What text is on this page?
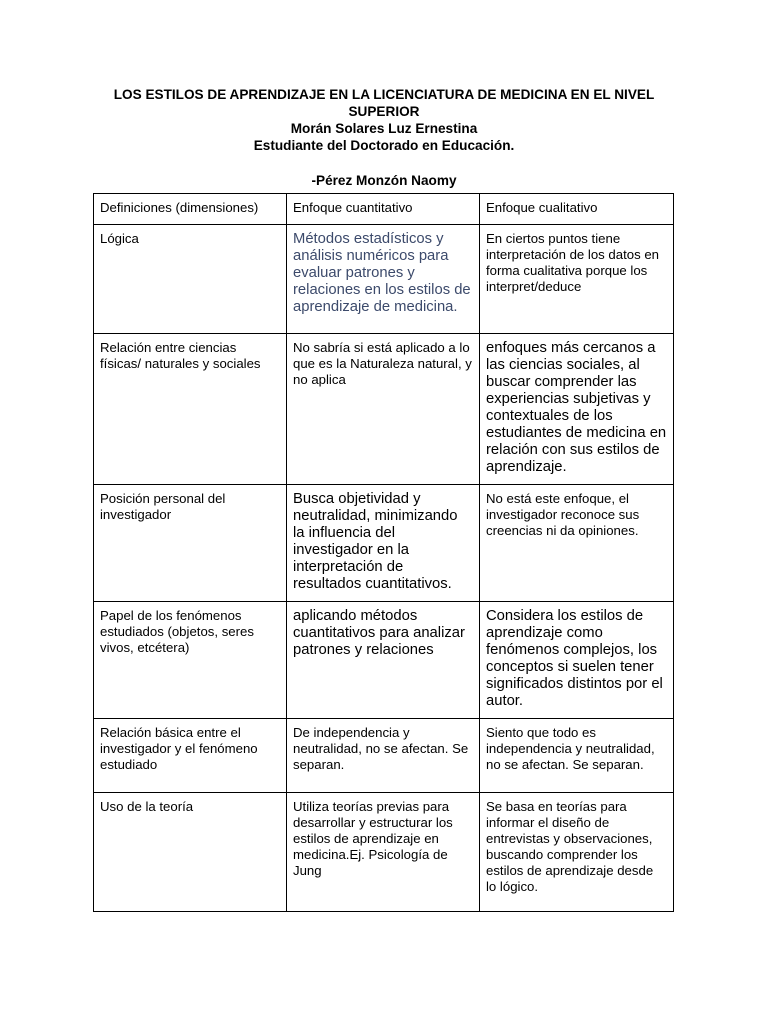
LOS ESTILOS DE APRENDIZAJE EN LA LICENCIATURA DE MEDICINA EN EL NIVEL
SUPERIOR
Morán Solares Luz Ernestina
Estudiante del Doctorado en Educación.
-Pérez Monzón Naomy
Definiciones (dimensiones)	Enfoque cuantitativo	Enfoque cualitativo
Lógica	Métodos estadísticos y análisis numéricos para evaluar patrones y relaciones en los estilos de aprendizaje de medicina.	En ciertos puntos tiene interpretación de los datos en forma cualitativa porque los interpret/deduce
Relación entre ciencias físicas/ naturales y sociales	No sabría si está aplicado a lo que es la Naturaleza natural, y no aplica	enfoques más cercanos a las ciencias sociales, al buscar comprender las experiencias subjetivas y contextuales de los estudiantes de medicina en relación con sus estilos de aprendizaje.
Posición personal del investigador	Busca objetividad y neutralidad, minimizando la influencia del investigador en la interpretación de resultados cuantitativos.	No está este enfoque, el investigador reconoce sus creencias ni da opiniones.
Papel de los fenómenos estudiados (objetos, seres vivos, etcétera)	aplicando métodos cuantitativos para analizar patrones y relaciones	Considera los estilos de aprendizaje como fenómenos complejos, los conceptos si suelen tener significados distintos por el autor.
Relación básica entre el investigador y el fenómeno estudiado	De independencia y neutralidad, no se afectan. Se separan.	Siento que todo es independencia y neutralidad, no se afectan. Se separan.
Uso de la teoría	Utiliza teorías previas para desarrollar y estructurar los estilos de aprendizaje en medicina.Ej. Psicología de Jung	Se basa en teorías para informar el diseño de entrevistas y observaciones, buscando comprender los estilos de aprendizaje desde lo lógico.
